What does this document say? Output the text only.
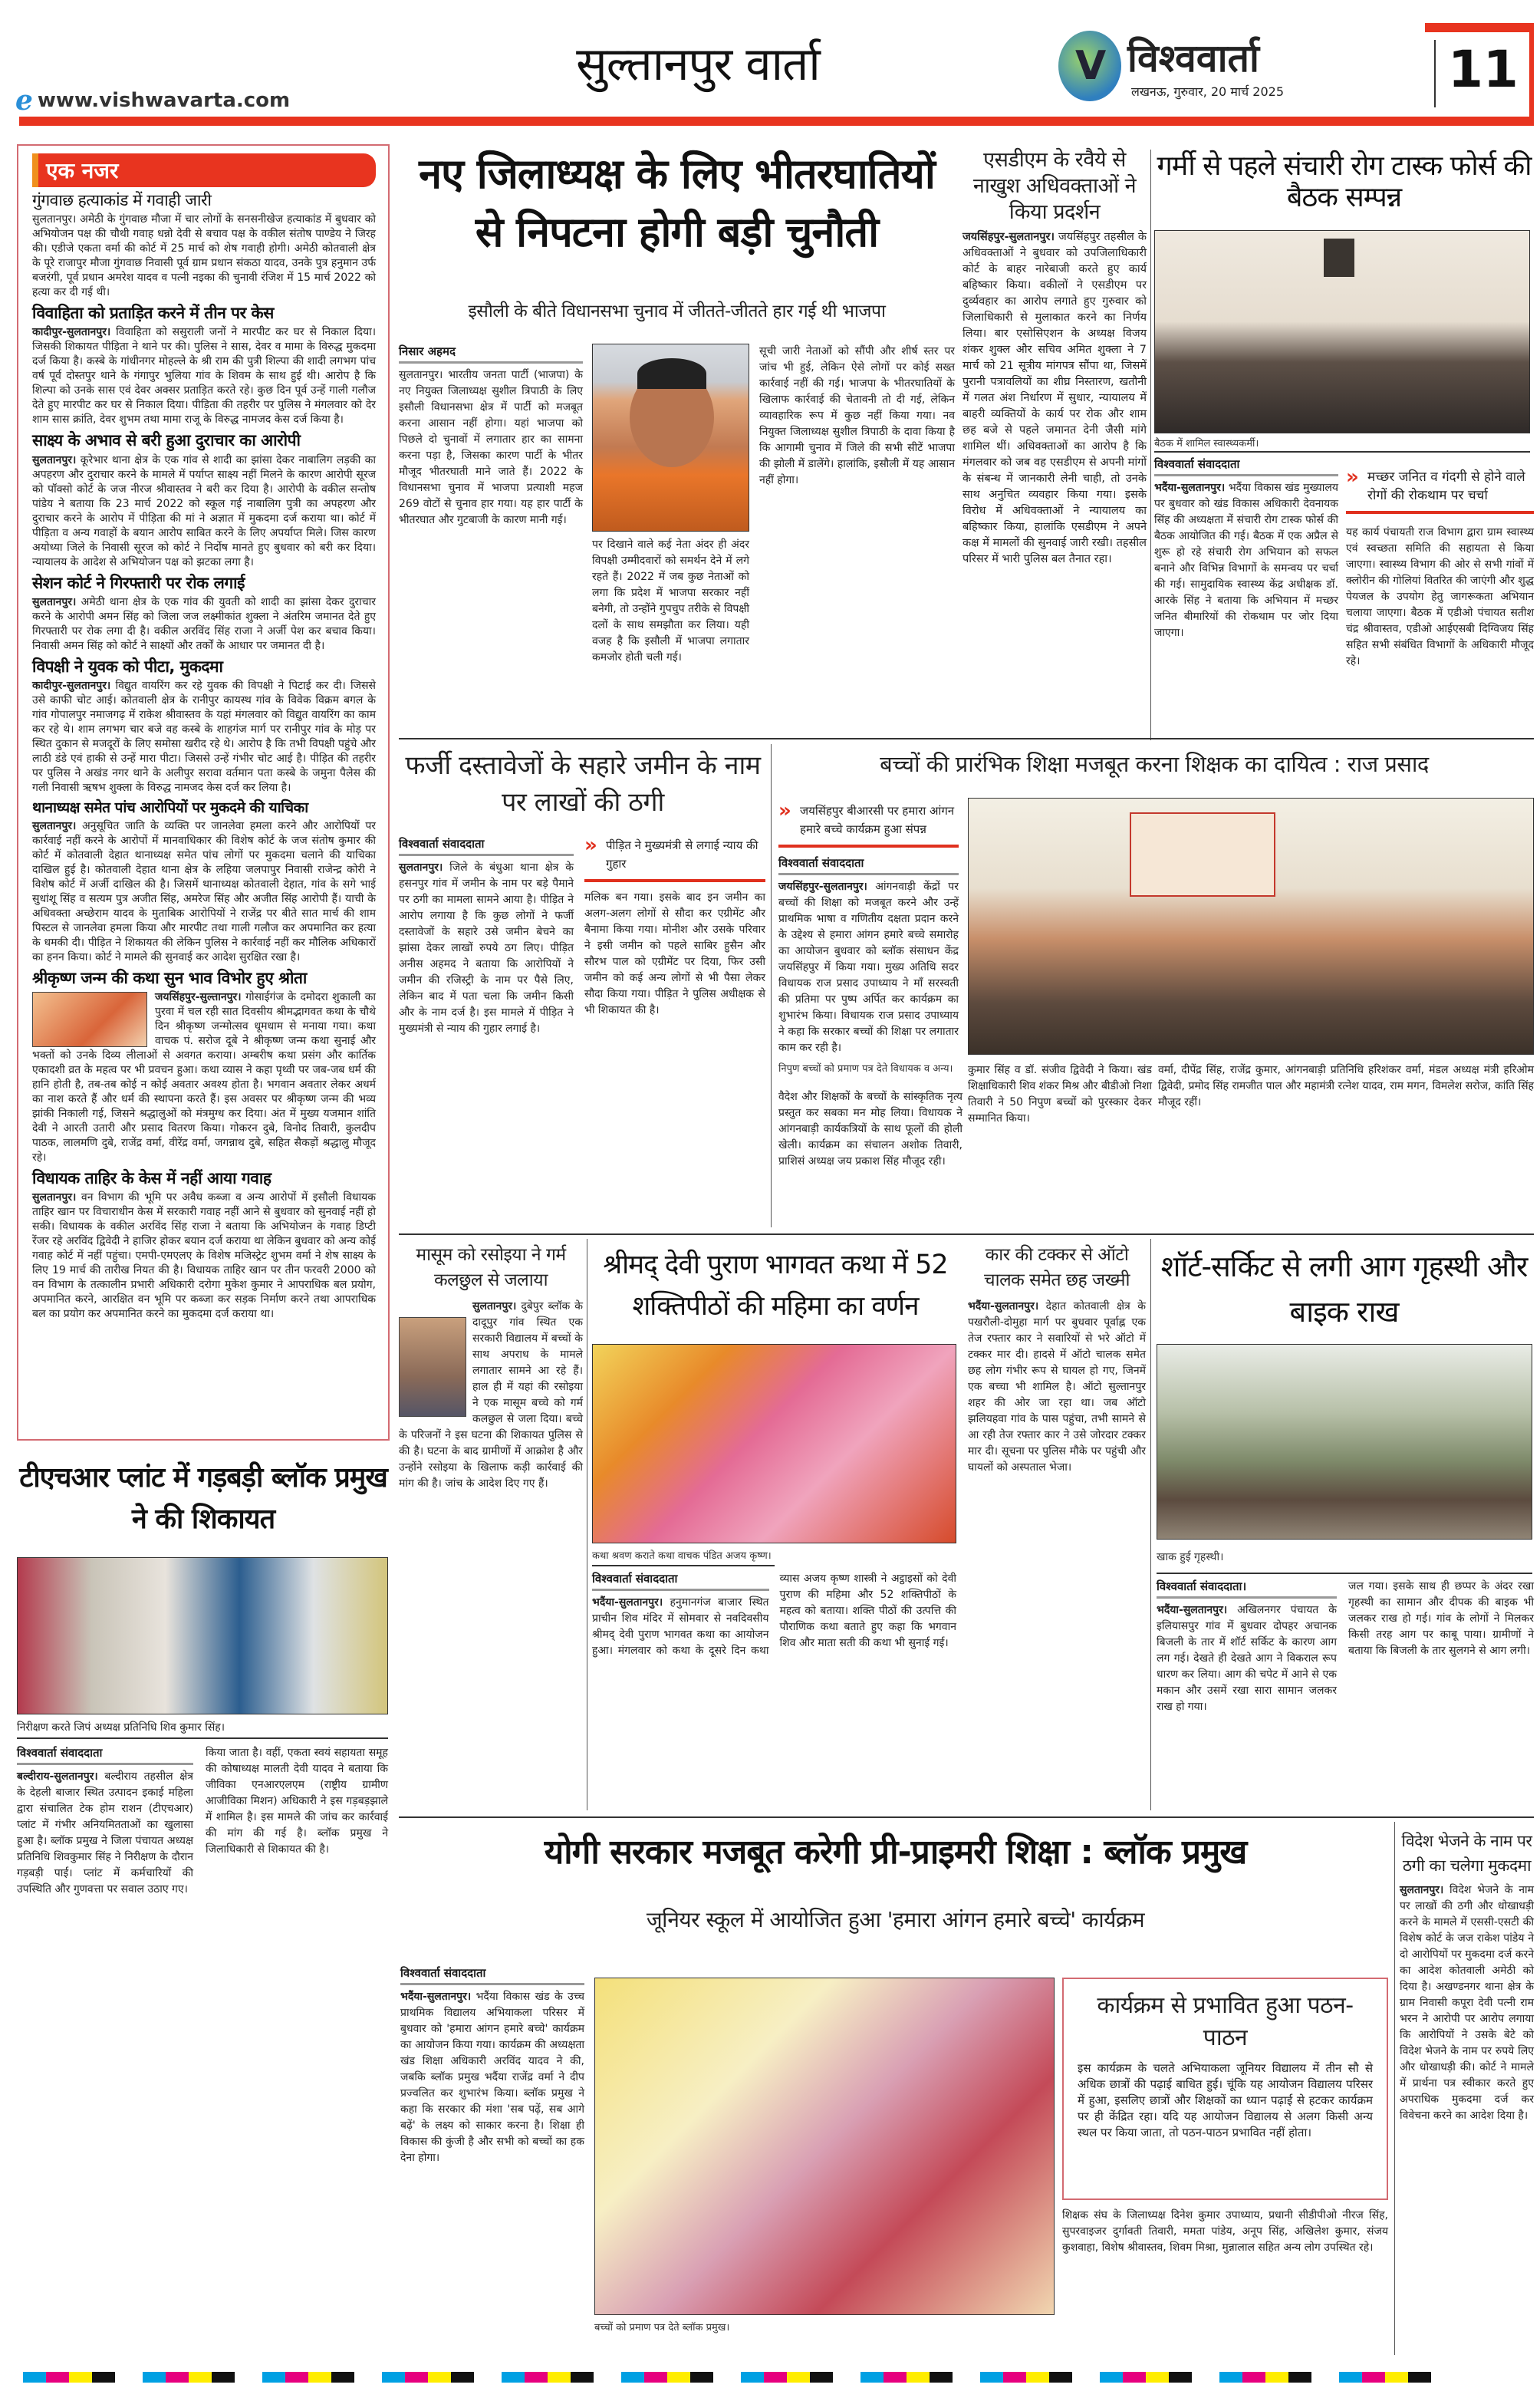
e www.vishwavarta.com
सुल्तानपुर वार्ता	V विश्ववार्ता
लखनऊ, गुरुवार, 20 मार्च 2025	11
एक नजर
गुंगवाछ हत्याकांड में गवाही जारी
सुलतानपुर। अमेठी के गुंगवाछ मौजा में चार लोगों के सनसनीखेज हत्याकांड में बुधवार को अभियोजन पक्ष की चौथी गवाह धन्नो देवी से बचाव पक्ष के वकील संतोष पाण्डेय ने जिरह की। एडीजे एकता वर्मा की कोर्ट में 25 मार्च को शेष गवाही होगी। अमेठी कोतवाली क्षेत्र के पूरे राजापुर मौजा गुंगवाछ निवासी पूर्व ग्राम प्रधान संकठा यादव, उनके पुत्र हनुमान उर्फ बजरंगी, पूर्व प्रधान अमरेश यादव व पत्नी नइका की चुनावी रंजिश में 15 मार्च 2022 को हत्या कर दी गई थी।
विवाहिता को प्रताड़ित करने में तीन पर केस
कादीपुर-सुलतानपुर। विवाहिता को ससुराली जनों ने मारपीट कर घर से निकाल दिया। जिसकी शिकायत पीड़िता ने थाने पर की। पुलिस ने सास, देवर व मामा के विरुद्ध मुकदमा दर्ज किया है। कस्बे के गांधीनगर मोहल्ले के श्री राम की पुत्री शिल्पा की शादी लगभग पांच वर्ष पूर्व दोस्तपुर थाने के गंगापुर भुलिया गांव के शिवम के साथ हुई थी। आरोप है कि शिल्पा को उनके सास एवं देवर अक्सर प्रताड़ित करते रहे। कुछ दिन पूर्व उन्हें गाली गलौज देते हुए मारपीट कर घर से निकाल दिया। पीड़िता की तहरीर पर पुलिस ने मंगलवार को देर शाम सास क्रांति, देवर शुभम तथा मामा राजू के विरुद्ध नामजद केस दर्ज किया है।
साक्ष्य के अभाव से बरी हुआ दुराचार का आरोपी
सुलतानपुर। कूरेभार थाना क्षेत्र के एक गांव से शादी का झांसा देकर नाबालिग लड़की का अपहरण और दुराचार करने के मामले में पर्याप्त साक्ष्य नहीं मिलने के कारण आरोपी सूरज को पॉक्सो कोर्ट के जज नीरज श्रीवास्तव ने बरी कर दिया है। आरोपी के वकील सन्तोष पांडेय ने बताया कि 23 मार्च 2022 को स्कूल गई नाबालिग पुत्री का अपहरण और दुराचार करने के आरोप में पीड़िता की मां ने अज्ञात में मुकदमा दर्ज कराया था। कोर्ट में पीड़िता व अन्य गवाहों के बयान आरोप साबित करने के लिए अपर्याप्त मिले। जिस कारण अयोध्या जिले के निवासी सूरज को कोर्ट ने निर्दोष मानते हुए बुधवार को बरी कर दिया। न्यायालय के आदेश से अभियोजन पक्ष को झटका लगा है।
सेशन कोर्ट ने गिरफ्तारी पर रोक लगाई
सुलतानपुर। अमेठी थाना क्षेत्र के एक गांव की युवती को शादी का झांसा देकर दुराचार करने के आरोपी अमन सिंह को जिला जज लक्ष्मीकांत शुक्ला ने अंतरिम जमानत देते हुए गिरफ्तारी पर रोक लगा दी है। वकील अरविंद सिंह राजा ने अर्जी पेश कर बचाव किया। निवासी अमन सिंह को कोर्ट ने साक्ष्यों और तर्कों के आधार पर जमानत दी है।
विपक्षी ने युवक को पीटा, मुकदमा
कादीपुर-सुलतानपुर। विद्युत वायरिंग कर रहे युवक की विपक्षी ने पिटाई कर दी। जिससे उसे काफी चोट आई। कोतवाली क्षेत्र के रानीपुर कायस्थ गांव के विवेक विक्रम बगल के गांव गोपालपुर नमाजगढ़ में राकेश श्रीवास्तव के यहां मंगलवार को विद्युत वायरिंग का काम कर रहे थे। शाम लगभग चार बजे वह कस्बे के शाहगंज मार्ग पर रानीपुर गांव के मोड़ पर स्थित दुकान से मजदूरों के लिए समोसा खरीद रहे थे। आरोप है कि तभी विपक्षी पहुंचे और लाठी डंडे एवं हाकी से उन्हें मारा पीटा। जिससे उन्हें गंभीर चोट आई है। पीड़ित की तहरीर पर पुलिस ने अखंड नगर थाने के अलीपुर सरावा वर्तमान पता कस्बे के जमुना पैलेस की गली निवासी ऋषभ शुक्ला के विरुद्ध नामजद केस दर्ज कर लिया है।
थानाध्यक्ष समेत पांच आरोपियों पर मुकदमे की याचिका
सुलतानपुर। अनुसूचित जाति के व्यक्ति पर जानलेवा हमला करने और आरोपियों पर कार्रवाई नहीं करने के आरोपों में मानवाधिकार की विशेष कोर्ट के जज संतोष कुमार की कोर्ट में कोतवाली देहात थानाध्यक्ष समेत पांच लोगों पर मुकदमा चलाने की याचिका दाखिल हुई है। कोतवाली देहात थाना क्षेत्र के लहिया जलपापुर निवासी राजेन्द्र कोरी ने विशेष कोर्ट में अर्जी दाखिल की है। जिसमें थानाध्यक्ष कोतवाली देहात, गांव के सगे भाई सुधांशू सिंह व सत्यम पुत्र अजीत सिंह, अमरेज सिंह और अजीत सिंह आरोपी हैं। याची के अधिवक्ता अच्छेराम यादव के मुताबिक आरोपियों ने राजेंद्र पर बीते सात मार्च की शाम पिस्टल से जानलेवा हमला किया और मारपीट तथा गाली गलौज कर अपमानित कर हत्या के धमकी दी। पीड़ित ने शिकायत की लेकिन पुलिस ने कार्रवाई नहीं कर मौलिक अधिकारों का हनन किया। कोर्ट ने मामले की सुनवाई कर आदेश सुरक्षित रखा है।
श्रीकृष्ण जन्म की कथा सुन भाव विभोर हुए श्रोता
जयसिंहपुर-सुल्तानपुर। गोसाईगंज के दमोदरा शुकाली का पुरवा में चल रही सात दिवसीय श्रीमद्भागवत कथा के चौथे दिन श्रीकृष्ण जन्मोत्सव धूमधाम से मनाया गया। कथा वाचक पं. सरोज दूबे ने श्रीकृष्ण जन्म कथा सुनाई और भक्तों को उनके दिव्य लीलाओं से अवगत कराया। अम्बरीष कथा प्रसंग और कार्तिक एकादशी व्रत के महत्व पर भी प्रवचन हुआ। कथा व्यास ने कहा पृथ्वी पर जब-जब धर्म की हानि होती है, तब-तब कोई न कोई अवतार अवश्य होता है। भगवान अवतार लेकर अधर्म का नाश करते हैं और धर्म की स्थापना करते हैं। इस अवसर पर श्रीकृष्ण जन्म की भव्य झांकी निकाली गई, जिसने श्रद्धालुओं को मंत्रमुग्ध कर दिया। अंत में मुख्य यजमान शांति देवी ने आरती उतारी और प्रसाद वितरण किया। गोकरन दुबे, विनोद तिवारी, कुलदीप पाठक, लालमणि दुबे, राजेंद्र वर्मा, वीरेंद्र वर्मा, जगन्नाथ दुबे, सहित सैकड़ों श्रद्धालु मौजूद रहे।
विधायक ताहिर के केस में नहीं आया गवाह
सुलतानपुर। वन विभाग की भूमि पर अवैध कब्जा व अन्य आरोपों में इसौली विधायक ताहिर खान पर विचाराधीन केस में सरकारी गवाह नहीं आने से बुधवार को सुनवाई नहीं हो सकी। विधायक के वकील अरविंद सिंह राजा ने बताया कि अभियोजन के गवाह डिप्टी रेंजर रहे अरविंद द्विवेदी ने हाजिर होकर बयान दर्ज कराया था लेकिन बुधवार को अन्य कोई गवाह कोर्ट में नहीं पहुंचा। एमपी-एमएलए के विशेष मजिस्ट्रेट शुभम वर्मा ने शेष साक्ष्य के लिए 19 मार्च की तारीख नियत की है। विधायक ताहिर खान पर तीन फरवरी 2000 को वन विभाग के तत्कालीन प्रभारी अधिकारी दरोगा मुकेश कुमार ने आपराधिक बल प्रयोग, अपमानित करने, आरक्षित वन भूमि पर कब्जा कर सड़क निर्माण करने तथा आपराधिक बल का प्रयोग कर अपमानित करने का मुकदमा दर्ज कराया था।
नए जिलाध्यक्ष के लिए भीतरघातियों
से निपटना होगी बड़ी चुनौती
इसौली के बीते विधानसभा चुनाव में जीतते-जीतते हार गई थी भाजपा
निसार अहमद
सुलतानपुर। भारतीय जनता पार्टी (भाजपा) के नए नियुक्त जिलाध्यक्ष सुशील त्रिपाठी के लिए इसौली विधानसभा क्षेत्र में पार्टी को मजबूत करना आसान नहीं होगा। यहां भाजपा को पिछले दो चुनावों में लगातार हार का सामना करना पड़ा है, जिसका कारण पार्टी के भीतर मौजूद भीतरघाती माने जाते हैं। 2022 के विधानसभा चुनाव में भाजपा प्रत्याशी महज 269 वोटों से चुनाव हार गया। यह हार पार्टी के भीतरघात और गुटबाजी के कारण मानी गई।
पर दिखाने वाले कई नेता अंदर ही अंदर विपक्षी उम्मीदवारों को समर्थन देने में लगे रहते हैं। 2022 में जब कुछ नेताओं को लगा कि प्रदेश में भाजपा सरकार नहीं बनेगी, तो उन्होंने गुपचुप तरीके से विपक्षी दलों के साथ समझौता कर लिया। यही वजह है कि इसौली में भाजपा लगातार कमजोर होती चली गई।
सूची जारी नेताओं को सौंपी और शीर्ष स्तर पर जांच भी हुई, लेकिन ऐसे लोगों पर कोई सख्त कार्रवाई नहीं की गई। भाजपा के भीतरघातियों के खिलाफ कार्रवाई की चेतावनी तो दी गई, लेकिन व्यावहारिक रूप में कुछ नहीं किया गया। नव नियुक्त जिलाध्यक्ष सुशील त्रिपाठी के दावा किया है कि आगामी चुनाव में जिले की सभी सीटें भाजपा की झोली में डालेंगे। हालांकि, इसौली में यह आसान नहीं होगा।
एसडीएम के रवैये से नाखुश अधिवक्ताओं ने किया प्रदर्शन
जयसिंहपुर-सुलतानपुर। जयसिंहपुर तहसील के अधिवक्ताओं ने बुधवार को उपजिलाधिकारी कोर्ट के बाहर नारेबाजी करते हुए कार्य बहिष्कार किया। वकीलों ने एसडीएम पर दुर्व्यवहार का आरोप लगाते हुए गुरुवार को जिलाधिकारी से मुलाकात करने का निर्णय लिया। बार एसोसिएशन के अध्यक्ष विजय शंकर शुक्ल और सचिव अमित शुक्ला ने 7 मार्च को 21 सूत्रीय मांगपत्र सौंपा था, जिसमें पुरानी पत्रावलियों का शीघ्र निस्तारण, खतौनी में गलत अंश निर्धारण में सुधार, न्यायालय में बाहरी व्यक्तियों के कार्य पर रोक और शाम छह बजे से पहले जमानत देनी जैसी मांगे शामिल थीं। अधिवक्ताओं का आरोप है कि मंगलवार को जब वह एसडीएम से अपनी मांगों के संबन्ध में जानकारी लेनी चाही, तो उनके साथ अनुचित व्यवहार किया गया। इसके विरोध में अधिवक्ताओं ने न्यायालय का बहिष्कार किया, हालांकि एसडीएम ने अपने कक्ष में मामलों की सुनवाई जारी रखी। तहसील परिसर में भारी पुलिस बल तैनात रहा।
गर्मी से पहले संचारी रोग टास्क फोर्स की बैठक सम्पन्न
बैठक में शामिल स्वास्थ्यकर्मी।
विश्ववार्ता संवाददाता
भदैंया-सुलतानपुर। भदैंया विकास खंड मुख्यालय पर बुधवार को खंड विकास अधिकारी देवनायक सिंह की अध्यक्षता में संचारी रोग टास्क फोर्स की बैठक आयोजित की गई। बैठक में एक अप्रैल से शुरू हो रहे संचारी रोग अभियान को सफल बनाने और विभिन्न विभागों के समन्वय पर चर्चा की गई। सामुदायिक स्वास्थ्य केंद्र अधीक्षक डॉ. आरके सिंह ने बताया कि अभियान में मच्छर जनित बीमारियों की रोकथाम पर जोर दिया जाएगा।
» मच्छर जनित व गंदगी से होने वाले रोगों की रोकथाम पर चर्चा
यह कार्य पंचायती राज विभाग द्वारा ग्राम स्वास्थ्य एवं स्वच्छता समिति की सहायता से किया जाएगा। स्वास्थ्य विभाग की ओर से सभी गांवों में क्लोरीन की गोलियां वितरित की जाएंगी और शुद्ध पेयजल के उपयोग हेतु जागरूकता अभियान चलाया जाएगा। बैठक में एडीओ पंचायत सतीश चंद्र श्रीवास्तव, एडीओ आईएसबी दिग्विजय सिंह सहित सभी संबंधित विभागों के अधिकारी मौजूद रहे।
फर्जी दस्तावेजों के सहारे जमीन के नाम पर लाखों की ठगी
विश्ववार्ता संवाददाता
सुलतानपुर। जिले के बंधुआ थाना क्षेत्र के हसनपुर गांव में जमीन के नाम पर बड़े पैमाने पर ठगी का मामला सामने आया है। पीड़ित ने आरोप लगाया है कि कुछ लोगों ने फर्जी दस्तावेजों के सहारे उसे जमीन बेचने का झांसा देकर लाखों रुपये ठग लिए। पीड़ित अनीस अहमद ने बताया कि आरोपियों ने जमीन की रजिस्ट्री के नाम पर पैसे लिए, लेकिन बाद में पता चला कि जमीन किसी और के नाम दर्ज है। इस मामले में पीड़ित ने मुख्यमंत्री से न्याय की गुहार लगाई है।
» पीड़ित ने मुख्यमंत्री से लगाई न्याय की गुहार
मलिक बन गया। इसके बाद इन जमीन का अलग-अलग लोगों से सौदा कर एग्रीमेंट और बैनामा किया गया। मोनीश और उसके परिवार ने इसी जमीन को पहले साबिर हुसैन और सौरभ पाल को एग्रीमेंट पर दिया, फिर उसी जमीन को कई अन्य लोगों से भी पैसा लेकर सौदा किया गया। पीड़ित ने पुलिस अधीक्षक से भी शिकायत की है।
बच्चों की प्रारंभिक शिक्षा मजबूत करना शिक्षक का दायित्व : राज प्रसाद
» जयसिंहपुर बीआरसी पर हमारा आंगन हमारे बच्चे कार्यक्रम हुआ संपन्न
विश्ववार्ता संवाददाता
जयसिंहपुर-सुलतानपुर। आंगनवाड़ी केंद्रों पर बच्चों की शिक्षा को मजबूत करने और उन्हें प्राथमिक भाषा व गणितीय दक्षता प्रदान करने के उद्देश्य से हमारा आंगन हमारे बच्चे समारोह का आयोजन बुधवार को ब्लॉक संसाधन केंद्र जयसिंहपुर में किया गया। मुख्य अतिथि सदर विधायक राज प्रसाद उपाध्याय ने माँ सरस्वती की प्रतिमा पर पुष्प अर्पित कर कार्यक्रम का शुभारंभ किया। विधायक राज प्रसाद उपाध्याय ने कहा कि सरकार बच्चों की शिक्षा पर लगातार काम कर रही है।
निपुण बच्चों को प्रमाण पत्र देते विधायक व अन्य।
वैदेश और शिक्षकों के बच्चों के सांस्कृतिक नृत्य प्रस्तुत कर सबका मन मोह लिया। विधायक ने आंगनबाड़ी कार्यकत्रियों के साथ फूलों की होली खेली। कार्यक्रम का संचालन अशोक तिवारी, प्राशिसं अध्यक्ष जय प्रकाश सिंह मौजूद रही।
कुमार सिंह व डॉ. संजीव द्विवेदी ने किया। खंड शिक्षाधिकारी शिव शंकर मिश्र और बीडीओ निशा तिवारी ने 50 निपुण बच्चों को पुरस्कार देकर सम्मानित किया।
वर्मा, दीपेंद्र सिंह, राजेंद्र कुमार, आंगनबाड़ी प्रतिनिधि हरिशंकर वर्मा, मंडल अध्यक्ष मंत्री हरिओम द्विवेदी, प्रमोद सिंह रामजीत पाल और महामंत्री रत्नेश यादव, राम मगन, विमलेश सरोज, कांति सिंह मौजूद रहीं।
मासूम को रसोइया ने गर्म कलछुल से जलाया
सुलतानपुर। दुबेपुर ब्लॉक के दादूपुर गांव स्थित एक सरकारी विद्यालय में बच्चों के साथ अपराध के मामले लगातार सामने आ रहे हैं। हाल ही में यहां की रसोइया ने एक मासूम बच्चे को गर्म कलछुल से जला दिया। बच्चे के परिजनों ने इस घटना की शिकायत पुलिस से की है। घटना के बाद ग्रामीणों में आक्रोश है और उन्होंने रसोइया के खिलाफ कड़ी कार्रवाई की मांग की है। जांच के आदेश दिए गए हैं।
श्रीमद् देवी पुराण भागवत कथा में 52 शक्तिपीठों की महिमा का वर्णन
कथा श्रवण कराते कथा वाचक पंडित अजय कृष्ण।
विश्ववार्ता संवाददाता
भदैंया-सुलतानपुर। हनुमानगंज बाजार स्थित प्राचीन शिव मंदिर में सोमवार से नवदिवसीय श्रीमद् देवी पुराण भागवत कथा का आयोजन हुआ। मंगलवार को कथा के दूसरे दिन कथा व्यास अजय कृष्ण शास्त्री ने अट्ठाइसों को देवी पुराण की महिमा और 52 शक्तिपीठों के महत्व को बताया। शक्ति पीठों की उत्पत्ति की पौराणिक कथा बताते हुए कहा कि भगवान शिव और माता सती की कथा भी सुनाई गई।
कार की टक्कर से ऑटो चालक समेत छह जख्मी
भदैंया-सुलतानपुर। देहात कोतवाली क्षेत्र के पखरौली-दोमुहा मार्ग पर बुधवार पूर्वाह्न एक तेज रफ्तार कार ने सवारियों से भरे ऑटो में टक्कर मार दी। हादसे में ऑटो चालक समेत छह लोग गंभीर रूप से घायल हो गए, जिनमें एक बच्चा भी शामिल है। ऑटो सुल्तानपुर शहर की ओर जा रहा था। जब ऑटो झलियहवा गांव के पास पहुंचा, तभी सामने से आ रही तेज रफ्तार कार ने उसे जोरदार टक्कर मार दी। सूचना पर पुलिस मौके पर पहुंची और घायलों को अस्पताल भेजा।
शॉर्ट-सर्किट से लगी आग गृहस्थी और बाइक राख
खाक हुई गृहस्थी।
विश्ववार्ता संवाददाता।
भदैंया-सुलतानपुर। अखिलनगर पंचायत के इलियासपुर गांव में बुधवार दोपहर अचानक बिजली के तार में शॉर्ट सर्किट के कारण आग लग गई। देखते ही देखते आग ने विकराल रूप धारण कर लिया। आग की चपेट में आने से एक मकान और उसमें रखा सारा सामान जलकर राख हो गया।
जल गया। इसके साथ ही छप्पर के अंदर रखा गृहस्थी का सामान और दीपक की बाइक भी जलकर राख हो गई। गांव के लोगों ने मिलकर किसी तरह आग पर काबू पाया। ग्रामीणों ने बताया कि बिजली के तार सुलगने से आग लगी।
टीएचआर प्लांट में गड़बड़ी ब्लॉक प्रमुख ने की शिकायत
निरीक्षण करते जिपं अध्यक्ष प्रतिनिधि शिव कुमार सिंह।
विश्ववार्ता संवाददाता
बल्दीराय-सुलतानपुर। बल्दीराय तहसील क्षेत्र के देहली बाजार स्थित उत्पादन इकाई महिला द्वारा संचालित टेक होम राशन (टीएचआर) प्लांट में गंभीर अनियमितताओं का खुलासा हुआ है। ब्लॉक प्रमुख ने जिला पंचायत अध्यक्ष प्रतिनिधि शिवकुमार सिंह ने निरीक्षण के दौरान गड़बड़ी पाई। प्लांट में कर्मचारियों की उपस्थिति और गुणवत्ता पर सवाल उठाए गए।
किया जाता है। वहीं, एकता स्वयं सहायता समूह की कोषाध्यक्ष मालती देवी यादव ने बताया कि जीविका एनआरएलएम (राष्ट्रीय ग्रामीण आजीविका मिशन) अधिकारी ने इस गड़बड़झाले में शामिल है। इस मामले की जांच कर कार्रवाई की मांग की गई है। ब्लॉक प्रमुख ने जिलाधिकारी से शिकायत की है।	योगी सरकार मजबूत करेगी प्री-प्राइमरी शिक्षा : ब्लॉक प्रमुख
जूनियर स्कूल में आयोजित हुआ 'हमारा आंगन हमारे बच्चे' कार्यक्रम
विश्ववार्ता संवाददाता
भदैंया-सुलतानपुर। भदैंया विकास खंड के उच्च प्राथमिक विद्यालय अभियाकला परिसर में बुधवार को 'हमारा आंगन हमारे बच्चे' कार्यक्रम का आयोजन किया गया। कार्यक्रम की अध्यक्षता खंड शिक्षा अधिकारी अरविंद यादव ने की, जबकि ब्लॉक प्रमुख भदैंया राजेंद्र वर्मा ने दीप प्रज्वलित कर शुभारंभ किया। ब्लॉक प्रमुख ने कहा कि सरकार की मंशा 'सब पढ़ें, सब आगे बढ़ें' के लक्ष्य को साकार करना है। शिक्षा ही विकास की कुंजी है और सभी को बच्चों का हक देना होगा।
बच्चों को प्रमाण पत्र देते ब्लॉक प्रमुख।
कार्यक्रम से प्रभावित हुआ पठन-पाठन
इस कार्यक्रम के चलते अभियाकला जूनियर विद्यालय में तीन सौ से अधिक छात्रों की पढ़ाई बाधित हुई। चूंकि यह आयोजन विद्यालय परिसर में हुआ, इसलिए छात्रों और शिक्षकों का ध्यान पढ़ाई से हटकर कार्यक्रम पर ही केंद्रित रहा। यदि यह आयोजन विद्यालय से अलग किसी अन्य स्थल पर किया जाता, तो पठन-पाठन प्रभावित नहीं होता।
शिक्षक संघ के जिलाध्यक्ष दिनेश कुमार उपाध्याय, प्रधानी सीडीपीओ नीरज सिंह, सुपरवाइजर दुर्गावती तिवारी, ममता पांडेय, अनूप सिंह, अखिलेश कुमार, संजय कुशवाहा, विशेष श्रीवास्तव, शिवम मिश्रा, मुन्नालाल सहित अन्य लोग उपस्थित रहे।
विदेश भेजने के नाम पर ठगी का चलेगा मुकदमा
सुलतानपुर। विदेश भेजने के नाम पर लाखों की ठगी और धोखाधड़ी करने के मामले में एससी-एसटी की विशेष कोर्ट के जज राकेश पांडेय ने दो आरोपियों पर मुकदमा दर्ज करने का आदेश कोतवाली अमेठी को दिया है। अखण्डनगर थाना क्षेत्र के ग्राम निवासी कपूरा देवी पत्नी राम भरन ने आरोपी पर आरोप लगाया कि आरोपियों ने उसके बेटे को विदेश भेजने के नाम पर रुपये लिए और धोखाधड़ी की। कोर्ट ने मामले में प्रार्थना पत्र स्वीकार करते हुए अपराधिक मुकदमा दर्ज कर विवेचना करने का आदेश दिया है।
